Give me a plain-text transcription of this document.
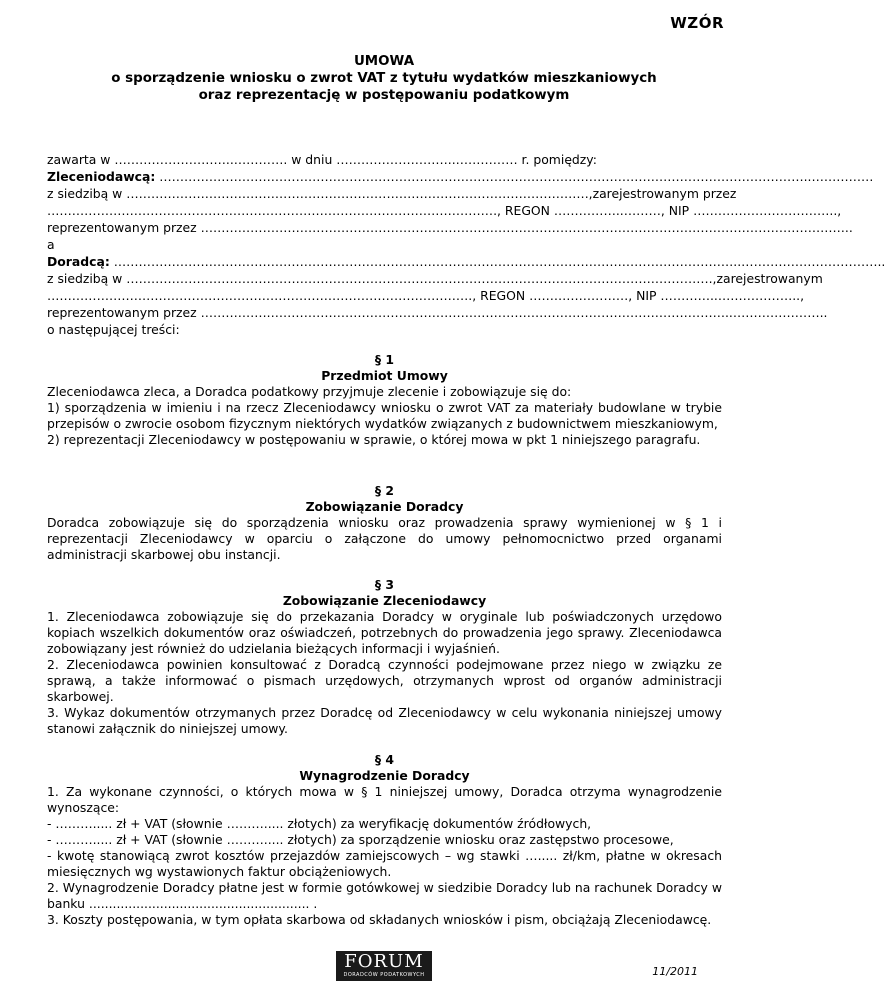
WZÓR
UMOWA
o sporządzenie wniosku o zwrot VAT z tytułu wydatków mieszkaniowych
oraz reprezentację w postępowaniu podatkowym
zawarta w ………………………..…………. w dniu ………………………..…………… r. pomiędzy:
Zleceniodawcą: …………………………………………………………………………………………………………………………………………..……………
z siedzibą w …………………………………………………………………………………………………., zarejestrowanym przez
………………………………………………………………………………………………., REGON ……………..………, NIP ……………………………..,
reprezentowanym przez …………………………………………………………………………………………………………………………………………..
a
Doradcą: ……………………………………………………………………………………………………………………………………..……………………………..
z siedzibą w ……………………………………………………………………………………………………………………………., zarejestrowanym
…………………………………………………………………………………………., REGON ……………………, NIP …………..………………..,
reprezentowanym przez …………….…………………………………………………………………………………………………..…………………..
o następującej treści:
§ 1
Przedmiot Umowy

Zleceniodawca zleca, a Doradca podatkowy przyjmuje zlecenie i zobowiązuje się do:

1) sporządzenia w imieniu i na rzecz Zleceniodawcy wniosku o zwrot VAT za materiały budowlane w trybie przepisów o zwrocie osobom fizycznym niektórych wydatków związanych z budownictwem mieszkaniowym,

2) reprezentacji Zleceniodawcy w postępowaniu w sprawie, o której mowa w pkt 1 niniejszego paragrafu.

§ 2
Zobowiązanie Doradcy

Doradca zobowiązuje się do sporządzenia wniosku oraz prowadzenia sprawy wymienionej w § 1 i reprezentacji Zleceniodawcy w oparciu o załączone do umowy pełnomocnictwo przed organami administracji skarbowej obu instancji.

§ 3
Zobowiązanie Zleceniodawcy

1. Zleceniodawca zobowiązuje się do przekazania Doradcy w oryginale lub poświadczonych urzędowo kopiach wszelkich dokumentów oraz oświadczeń, potrzebnych do prowadzenia jego sprawy. Zleceniodawca zobowiązany jest również do udzielania bieżących informacji i wyjaśnień.

2. Zleceniodawca powinien konsultować z Doradcą czynności podejmowane przez niego w związku ze sprawą, a także informować o pismach urzędowych, otrzymanych wprost od organów administracji skarbowej.

3. Wykaz dokumentów otrzymanych przez Doradcę od Zleceniodawcy w celu wykonania niniejszej umowy stanowi załącznik do niniejszej umowy.

§ 4
Wynagrodzenie Doradcy

1. Za wykonane czynności, o których mowa w § 1 niniejszej umowy, Doradca otrzyma wynagrodzenie wynoszące:

- ………..... zł + VAT (słownie ………..... złotych) za weryfikację dokumentów źródłowych,

- ………..... zł + VAT (słownie ………..... złotych) za sporządzenie wniosku oraz zastępstwo procesowe,

- kwotę stanowiącą zwrot kosztów przejazdów zamiejscowych – wg stawki …..... zł/km, płatne w okresach miesięcznych wg wystawionych faktur obciążeniowych.

2. Wynagrodzenie Doradcy płatne jest w formie gotówkowej w siedzibie Doradcy lub na rachunek Doradcy w banku ........................................................ .

3. Koszty postępowania, w tym opłata skarbowa od składanych wniosków i pism, obciążają Zleceniodawcę.

FORUM
DORADCÓW PODATKOWYCH	11/2011
